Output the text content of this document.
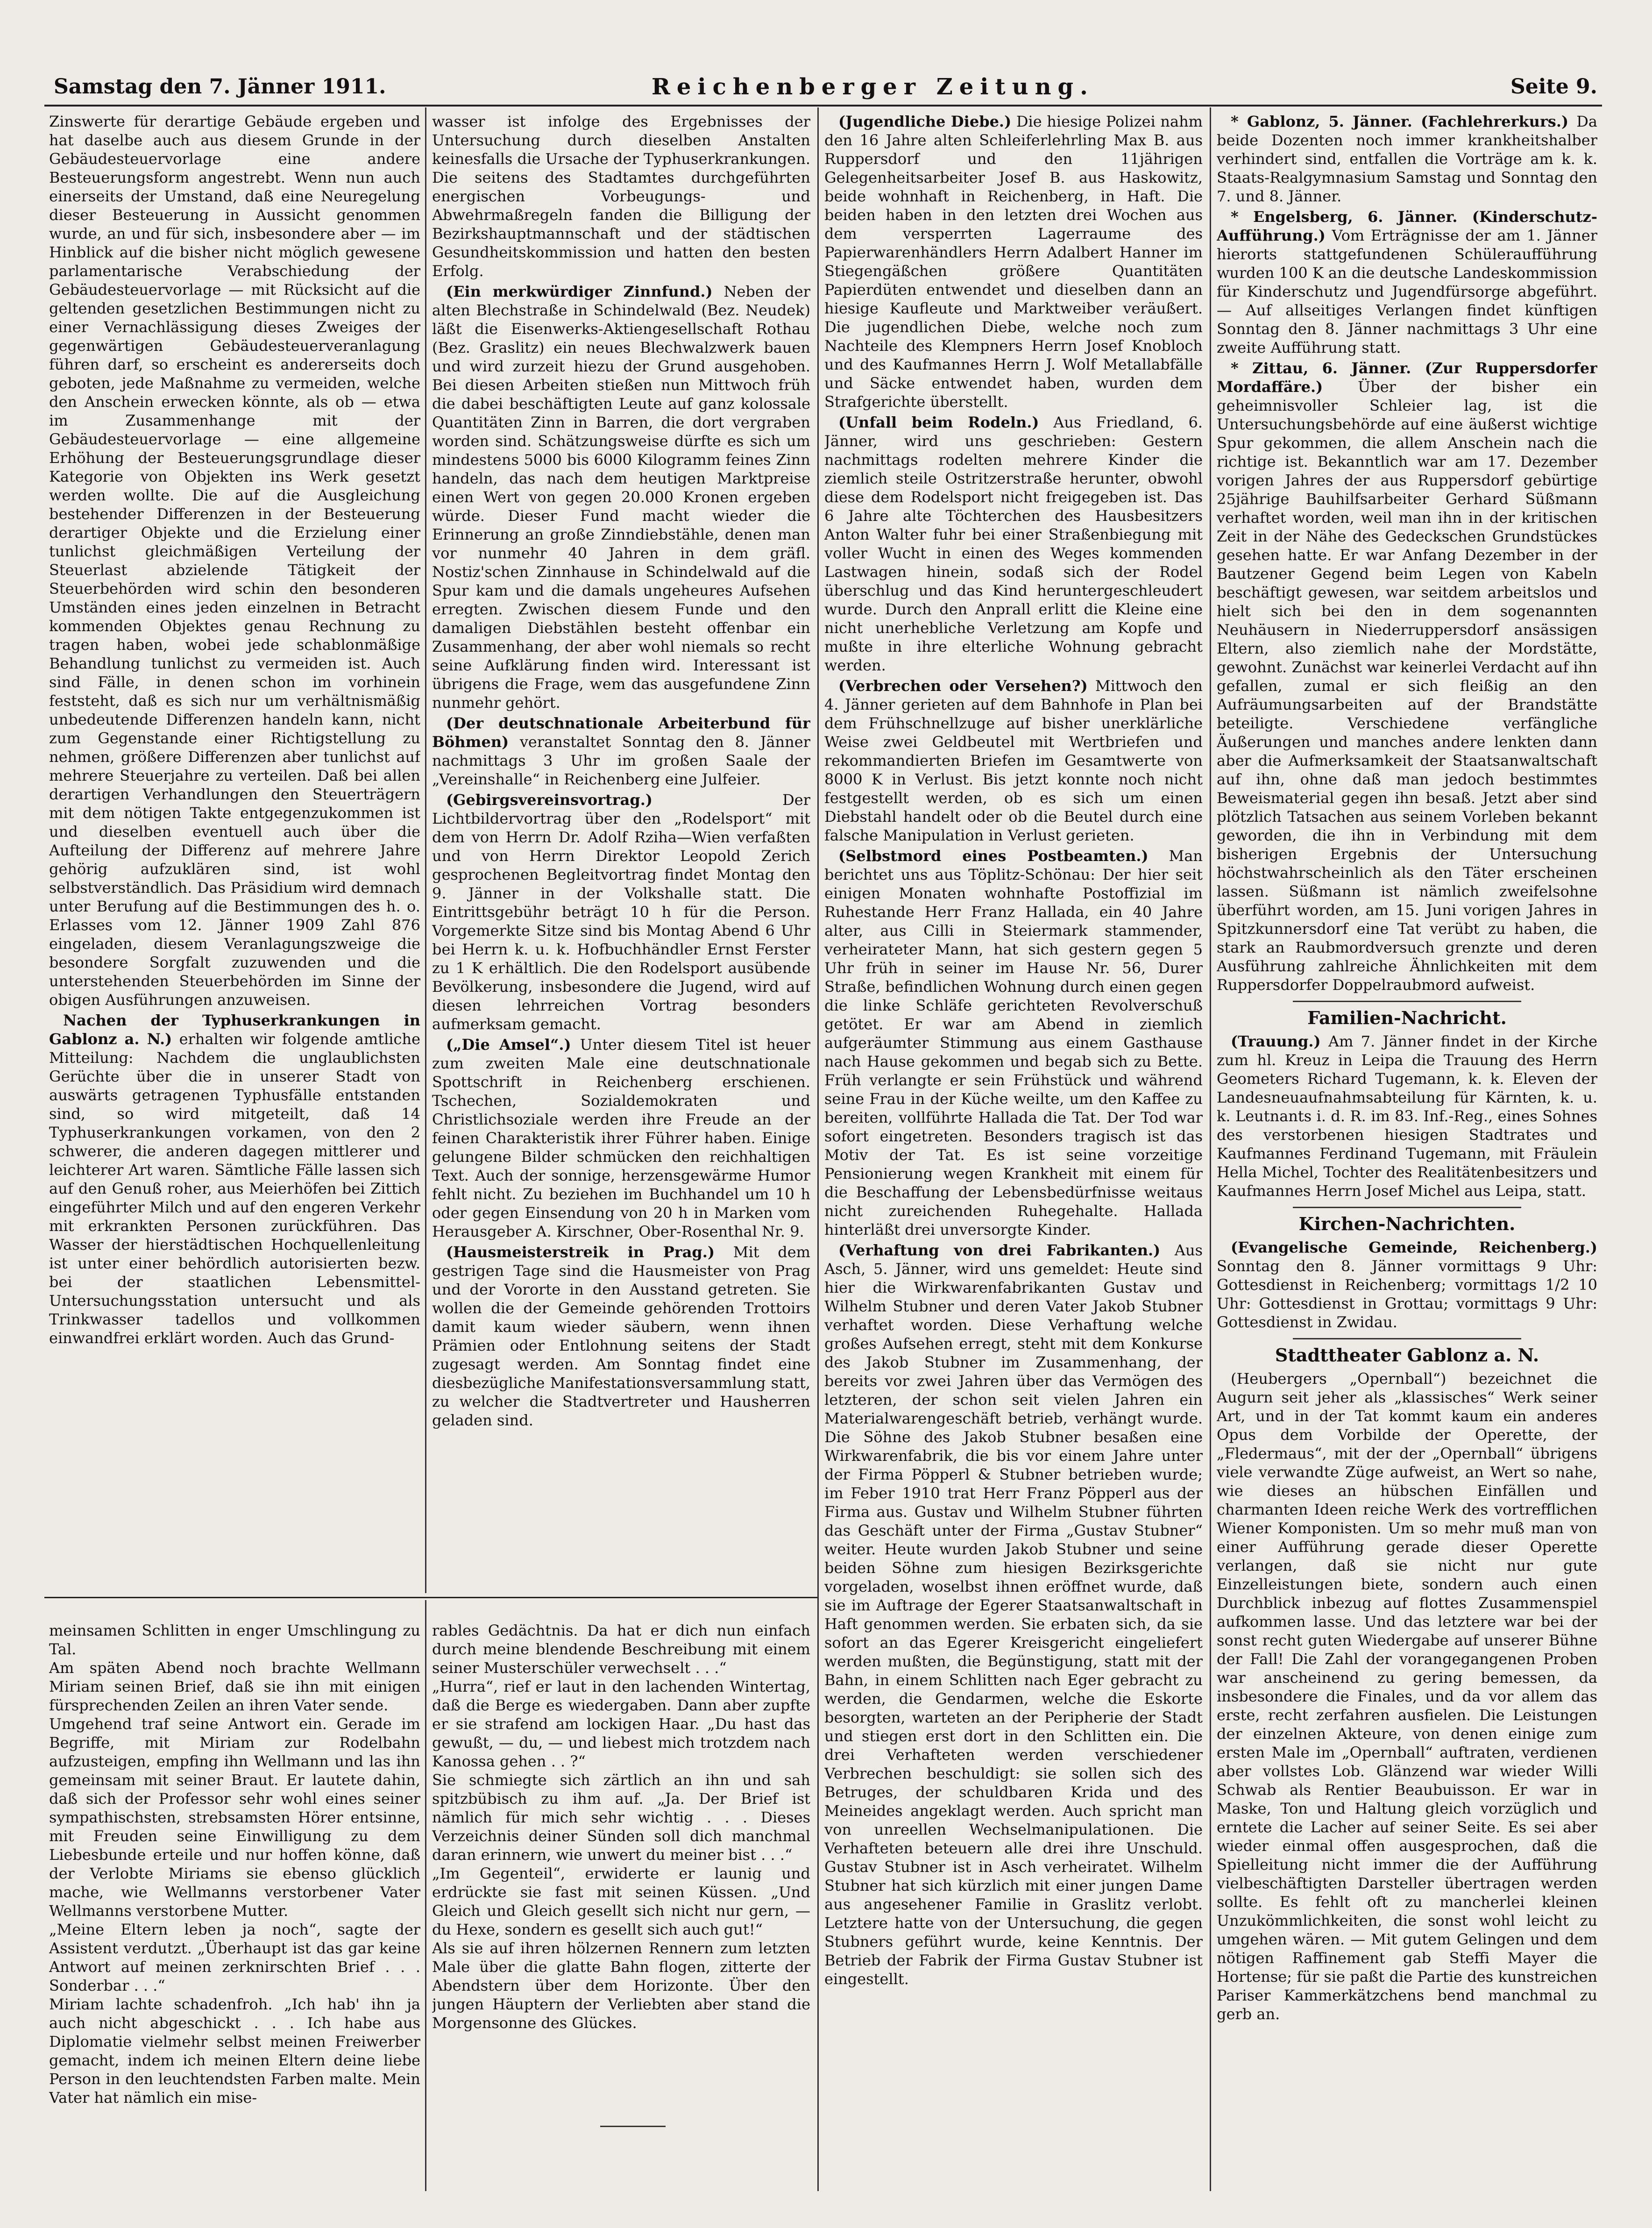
Samstag den 7. Jänner 1911.	Reichenberger Zeitung.	Seite 9.

Zinswerte für derartige Gebäude ergeben und hat daselbe auch aus diesem Grunde in der Gebäudesteuervorlage eine andere Besteuerungsform angestrebt. Wenn nun auch einerseits der Umstand, daß eine Neuregelung dieser Besteuerung in Aussicht genommen wurde, an und für sich, insbesondere aber — im Hinblick auf die bisher nicht möglich gewesene parlamentarische Verabschiedung der Gebäudesteuervorlage — mit Rücksicht auf die geltenden gesetzlichen Bestimmungen nicht zu einer Vernachlässigung dieses Zweiges der gegenwärtigen Gebäudesteuerveranlagung führen darf, so erscheint es andererseits doch geboten, jede Maßnahme zu vermeiden, welche den Anschein erwecken könnte, als ob — etwa im Zusammenhange mit der Gebäudesteuervorlage — eine allgemeine Erhöhung der Besteuerungsgrundlage dieser Kategorie von Objekten ins Werk gesetzt werden wollte. Die auf die Ausgleichung bestehender Differenzen in der Besteuerung derartiger Objekte und die Erzielung einer tunlichst gleichmäßigen Verteilung der Steuerlast abzielende Tätigkeit der Steuerbehörden wird schin den besonderen Umständen eines jeden einzelnen in Betracht kommenden Objektes genau Rechnung zu tragen haben, wobei jede schablonmäßige Behandlung tunlichst zu vermeiden ist. Auch sind Fälle, in denen schon im vorhinein feststeht, daß es sich nur um verhältnismäßig unbedeutende Differenzen handeln kann, nicht zum Gegenstande einer Richtigstellung zu nehmen, größere Differenzen aber tunlichst auf mehrere Steuerjahre zu verteilen. Daß bei allen derartigen Verhandlungen den Steuerträgern mit dem nötigen Takte entgegenzukommen ist und dieselben eventuell auch über die Aufteilung der Differenz auf mehrere Jahre gehörig aufzuklären sind, ist wohl selbstverständlich. Das Präsidium wird demnach unter Berufung auf die Bestimmungen des h. o. Erlasses vom 12. Jänner 1909 Zahl 876 eingeladen, diesem Veranlagungszweige die besondere Sorgfalt zuzuwenden und die unterstehenden Steuerbehörden im Sinne der obigen Ausführungen anzuweisen.

Nachen der Typhuserkrankungen in Gablonz a. N.) erhalten wir folgende amtliche Mitteilung: Nachdem die unglaublichsten Gerüchte über die in unserer Stadt von auswärts getragenen Typhusfälle entstanden sind, so wird mitgeteilt, daß 14 Typhuserkrankungen vorkamen, von den 2 schwerer, die anderen dagegen mittlerer und leichterer Art waren. Sämtliche Fälle lassen sich auf den Genuß roher, aus Meierhöfen bei Zittich eingeführter Milch und auf den engeren Verkehr mit erkrankten Personen zurückführen. Das Wasser der hierstädtischen Hochquellenleitung ist unter einer behördlich autorisierten bezw. bei der staatlichen Lebensmittel-Untersuchungsstation untersucht und als Trinkwasser tadellos und vollkommen einwandfrei erklärt worden. Auch das Grund-

wasser ist infolge des Ergebnisses der Untersuchung durch dieselben Anstalten keinesfalls die Ursache der Typhuserkrankungen. Die seitens des Stadtamtes durchgeführten energischen Vorbeugungs- und Abwehrmaßregeln fanden die Billigung der Bezirkshauptmannschaft und der städtischen Gesundheitskommission und hatten den besten Erfolg.

(Ein merkwürdiger Zinnfund.) Neben der alten Blechstraße in Schindelwald (Bez. Neudek) läßt die Eisenwerks-Aktiengesellschaft Rothau (Bez. Graslitz) ein neues Blechwalzwerk bauen und wird zurzeit hiezu der Grund ausgehoben. Bei diesen Arbeiten stießen nun Mittwoch früh die dabei beschäftigten Leute auf ganz kolossale Quantitäten Zinn in Barren, die dort vergraben worden sind. Schätzungsweise dürfte es sich um mindestens 5000 bis 6000 Kilogramm feines Zinn handeln, das nach dem heutigen Marktpreise einen Wert von gegen 20.000 Kronen ergeben würde. Dieser Fund macht wieder die Erinnerung an große Zinndiebstähle, denen man vor nunmehr 40 Jahren in dem gräfl. Nostiz'schen Zinnhause in Schindelwald auf die Spur kam und die damals ungeheures Aufsehen erregten. Zwischen diesem Funde und den damaligen Diebstählen besteht offenbar ein Zusammenhang, der aber wohl niemals so recht seine Aufklärung finden wird. Interessant ist übrigens die Frage, wem das ausgefundene Zinn nunmehr gehört.

(Der deutschnationale Arbeiterbund für Böhmen) veranstaltet Sonntag den 8. Jänner nachmittags 3 Uhr im großen Saale der „Vereinshalle“ in Reichenberg eine Julfeier.

(Gebirgsvereinsvortrag.)	Der Lichtbildervortrag über den „Rodelsport“ mit dem von Herrn Dr. Adolf Rziha—Wien verfaßten und von Herrn Direktor Leopold Zerich gesprochenen Begleitvortrag findet Montag den 9. Jänner in der Volkshalle statt. Die Eintrittsgebühr beträgt 10 h für die Person. Vorgemerkte Sitze sind bis Montag Abend 6 Uhr bei Herrn k. u. k. Hofbuchhändler Ernst Ferster zu 1 K erhältlich. Die den Rodelsport ausübende Bevölkerung, insbesondere die Jugend, wird auf diesen lehrreichen Vortrag besonders aufmerksam gemacht.

(„Die Amsel“.) Unter diesem Titel ist heuer zum zweiten Male eine deutschnationale Spottschrift in Reichenberg erschienen. Tschechen, Sozialdemokraten und Christlichsoziale werden ihre Freude an der feinen Charakteristik ihrer Führer haben. Einige gelungene Bilder schmücken den reichhaltigen Text. Auch der sonnige, herzensgewärme Humor fehlt nicht. Zu beziehen im Buchhandel um 10 h oder gegen Einsendung von 20 h in Marken vom Herausgeber A. Kirschner, Ober-Rosenthal Nr. 9.

(Hausmeisterstreik in Prag.) Mit dem gestrigen Tage sind die Hausmeister von Prag und der Vororte in den Ausstand getreten. Sie wollen die der Gemeinde gehörenden Trottoirs damit kaum wieder säubern, wenn ihnen Prämien oder Entlohnung seitens der Stadt zugesagt werden. Am Sonntag findet eine diesbezügliche Manifestationsversammlung statt, zu welcher die Stadtvertreter und Hausherren geladen sind.

(Jugendliche Diebe.) Die hiesige Polizei nahm den 16 Jahre alten Schleiferlehrling Max B. aus Ruppersdorf und den 11jährigen Gelegenheitsarbeiter Josef B. aus Haskowitz, beide wohnhaft in Reichenberg, in Haft. Die beiden haben in den letzten drei Wochen aus dem versperrten Lagerraume des Papierwarenhändlers Herrn Adalbert Hanner im Stiegengäßchen größere Quantitäten Papierdüten entwendet und dieselben dann an hiesige Kaufleute und Marktweiber veräußert. Die jugendlichen Diebe, welche noch zum Nachteile des Klempners Herrn Josef Knobloch und des Kaufmannes Herrn J. Wolf Metallabfälle und Säcke entwendet haben, wurden dem Strafgerichte überstellt.

(Unfall beim Rodeln.) Aus Friedland, 6. Jänner, wird uns geschrieben: Gestern nachmittags rodelten mehrere Kinder die ziemlich steile Ostritzerstraße herunter, obwohl diese dem Rodelsport nicht freigegeben ist. Das 6 Jahre alte Töchterchen des Hausbesitzers Anton Walter fuhr bei einer Straßenbiegung mit voller Wucht in einen des Weges kommenden Lastwagen hinein, sodaß sich der Rodel überschlug und das Kind heruntergeschleudert wurde. Durch den Anprall erlitt die Kleine eine nicht unerhebliche Verletzung am Kopfe und mußte in ihre elterliche Wohnung gebracht werden.

(Verbrechen oder Versehen?) Mittwoch den 4. Jänner gerieten auf dem Bahnhofe in Plan bei dem Frühschnellzuge auf bisher unerklärliche Weise zwei Geldbeutel mit Wertbriefen und rekommandierten Briefen im Gesamtwerte von 8000 K in Verlust. Bis jetzt konnte noch nicht festgestellt werden, ob es sich um einen Diebstahl handelt oder ob die Beutel durch eine falsche Manipulation in Verlust gerieten.

(Selbstmord eines Postbeamten.) Man berichtet uns aus Töplitz-Schönau: Der hier seit einigen Monaten wohnhafte Postoffizial im Ruhestande Herr Franz Hallada, ein 40 Jahre alter, aus Cilli in Steiermark stammender, verheirateter Mann, hat sich gestern gegen 5 Uhr früh in seiner im Hause Nr. 56, Durer Straße, befindlichen Wohnung durch einen gegen die linke Schläfe gerichteten Revolverschuß getötet. Er war am Abend in ziemlich aufgeräumter Stimmung aus einem Gasthause nach Hause gekommen und begab sich zu Bette. Früh verlangte er sein Frühstück und während seine Frau in der Küche weilte, um den Kaffee zu bereiten, vollführte Hallada die Tat. Der Tod war sofort eingetreten. Besonders tragisch ist das Motiv der Tat. Es ist seine vorzeitige Pensionierung wegen Krankheit mit einem für die Beschaffung der Lebensbedürfnisse weitaus nicht zureichenden Ruhegehalte. Hallada hinterläßt drei unversorgte Kinder.

(Verhaftung von drei Fabrikanten.) Aus Asch, 5. Jänner, wird uns gemeldet: Heute sind hier die Wirkwarenfabrikanten Gustav und Wilhelm Stubner und deren Vater Jakob Stubner verhaftet worden. Diese Verhaftung welche großes Aufsehen erregt, steht mit dem Konkurse des Jakob Stubner im Zusammenhang, der bereits vor zwei Jahren über das Vermögen des letzteren, der schon seit vielen Jahren ein Materialwarengeschäft betrieb, verhängt wurde. Die Söhne des Jakob Stubner besaßen eine Wirkwarenfabrik, die bis vor einem Jahre unter der Firma Pöpperl & Stubner betrieben wurde; im Feber 1910 trat Herr Franz Pöpperl aus der Firma aus. Gustav und Wilhelm Stubner führten das Geschäft unter der Firma „Gustav Stubner“ weiter. Heute wurden Jakob Stubner und seine beiden Söhne zum hiesigen Bezirksgerichte vorgeladen, woselbst ihnen eröffnet wurde, daß sie im Auftrage der Egerer Staatsanwaltschaft in Haft genommen werden. Sie erbaten sich, da sie sofort an das Egerer Kreisgericht eingeliefert werden mußten, die Begünstigung, statt mit der Bahn, in einem Schlitten nach Eger gebracht zu werden, die Gendarmen, welche die Eskorte besorgten, warteten an der Peripherie der Stadt und stiegen erst dort in den Schlitten ein. Die drei Verhafteten werden verschiedener Verbrechen beschuldigt: sie sollen sich des Betruges, der schuldbaren Krida und des Meineides angeklagt werden. Auch spricht man von unreellen Wechselmanipulationen. Die Verhafteten beteuern alle drei ihre Unschuld. Gustav Stubner ist in Asch verheiratet. Wilhelm Stubner hat sich kürzlich mit einer jungen Dame aus angesehener Familie in Graslitz verlobt. Letztere hatte von der Untersuchung, die gegen Stubners geführt wurde, keine Kenntnis. Der Betrieb der Fabrik der Firma Gustav Stubner ist eingestellt.

* Gablonz, 5. Jänner. (Fachlehrerkurs.) Da beide Dozenten noch immer krankheitshalber verhindert sind, entfallen die Vorträge am k. k. Staats-Realgymnasium Samstag und Sonntag den 7. und 8. Jänner.

* Engelsberg, 6. Jänner. (Kinderschutz-Aufführung.) Vom Erträgnisse der am 1. Jänner hierorts stattgefundenen Schüleraufführung wurden 100 K an die deutsche Landeskommission für Kinderschutz und Jugendfürsorge abgeführt. — Auf allseitiges Verlangen findet künftigen Sonntag den 8. Jänner nachmittags 3 Uhr eine zweite Aufführung statt.

* Zittau, 6. Jänner. (Zur Ruppersdorfer Mordaffäre.) Über der bisher ein geheimnisvoller Schleier lag, ist die Untersuchungsbehörde auf eine äußerst wichtige Spur gekommen, die allem Anschein nach die richtige ist. Bekanntlich war am 17. Dezember vorigen Jahres der aus Ruppersdorf gebürtige 25jährige Bauhilfsarbeiter Gerhard Süßmann verhaftet worden, weil man ihn in der kritischen Zeit in der Nähe des Gedeckschen Grundstückes gesehen hatte. Er war Anfang Dezember in der Bautzener Gegend beim Legen von Kabeln beschäftigt gewesen, war seitdem arbeitslos und hielt sich bei den in dem sogenannten Neuhäusern in Niederruppersdorf ansässigen Eltern, also ziemlich nahe der Mordstätte, gewohnt. Zunächst war keinerlei Verdacht auf ihn gefallen, zumal er sich fleißig an den Aufräumungsarbeiten auf der Brandstätte beteiligte. Verschiedene verfängliche Äußerungen und manches andere lenkten dann aber die Aufmerksamkeit der Staatsanwaltschaft auf ihn, ohne daß man jedoch bestimmtes Beweismaterial gegen ihn besaß. Jetzt aber sind plötzlich Tatsachen aus seinem Vorleben bekannt geworden, die ihn in Verbindung mit dem bisherigen Ergebnis der Untersuchung höchstwahrscheinlich als den Täter erscheinen lassen. Süßmann ist nämlich zweifelsohne überführt worden, am 15. Juni vorigen Jahres in Spitzkunnersdorf eine Tat verübt zu haben, die stark an Raubmordversuch grenzte und deren Ausführung zahlreiche Ähnlichkeiten mit dem Ruppersdorfer Doppelraubmord aufweist.

Familien-Nachricht.

(Trauung.) Am 7. Jänner findet in der Kirche zum hl. Kreuz in Leipa die Trauung des Herrn Geometers Richard Tugemann, k. k. Eleven der Landesneuaufnahmsabteilung für Kärnten, k. u. k. Leutnants i. d. R. im 83. Inf.-Reg., eines Sohnes des verstorbenen hiesigen Stadtrates und Kaufmannes Ferdinand Tugemann, mit Fräulein Hella Michel, Tochter des Realitätenbesitzers und Kaufmannes Herrn Josef Michel aus Leipa, statt.

Kirchen-Nachrichten.

(Evangelische Gemeinde, Reichenberg.) Sonntag den 8. Jänner vormittags 9 Uhr: Gottesdienst in Reichenberg; vormittags 1/2 10 Uhr: Gottesdienst in Grottau; vormittags 9 Uhr: Gottesdienst in Zwidau.

Stadttheater Gablonz a. N.

(Heubergers „Opernball“) bezeichnet die Augurn seit jeher als „klassisches“ Werk seiner Art, und in der Tat kommt kaum ein anderes Opus dem Vorbilde der Operette, der „Fledermaus“, mit der der „Opernball“ übrigens viele verwandte Züge aufweist, an Wert so nahe, wie dieses an hübschen Einfällen und charmanten Ideen reiche Werk des vortrefflichen Wiener Komponisten. Um so mehr muß man von einer Aufführung gerade dieser Operette verlangen, daß sie nicht nur gute Einzelleistungen biete, sondern auch einen Durchblick inbezug auf flottes Zusammenspiel aufkommen lasse. Und das letztere war bei der sonst recht guten Wiedergabe auf unserer Bühne der Fall! Die Zahl der vorangegangenen Proben war anscheinend zu gering bemessen, da insbesondere die Finales, und da vor allem das erste, recht zerfahren ausfielen. Die Leistungen der einzelnen Akteure, von denen einige zum ersten Male im „Opernball“ auftraten, verdienen aber vollstes Lob. Glänzend war wieder Willi Schwab als Rentier Beaubuisson. Er war in Maske, Ton und Haltung gleich vorzüglich und erntete die Lacher auf seiner Seite. Es sei aber wieder einmal offen ausgesprochen, daß die Spielleitung nicht immer die der Aufführung vielbeschäftigten Darsteller übertragen werden sollte. Es fehlt oft zu mancherlei kleinen Unzukömmlichkeiten, die sonst wohl leicht zu umgehen wären. — Mit gutem Gelingen und dem nötigen Raffinement gab Steffi Mayer die Hortense; für sie paßt die Partie des kunstreichen Pariser Kammerkätzchens bend manchmal zu gerb an.

meinsamen Schlitten in enger Umschlingung zu Tal.
Am späten Abend noch brachte Wellmann Miriam seinen Brief, daß sie ihn mit einigen fürsprechenden Zeilen an ihren Vater sende.
Umgehend traf seine Antwort ein. Gerade im Begriffe, mit Miriam zur Rodelbahn aufzusteigen, empfing ihn Wellmann und las ihn gemeinsam mit seiner Braut. Er lautete dahin, daß sich der Professor sehr wohl eines seiner sympathischsten, strebsamsten Hörer entsinne, mit Freuden seine Einwilligung zu dem Liebesbunde erteile und nur hoffen könne, daß der Verlobte Miriams sie ebenso glücklich mache, wie Wellmanns verstorbener Vater Wellmanns verstorbene Mutter.
„Meine Eltern leben ja noch“, sagte der Assistent verdutzt. „Überhaupt ist das gar keine Antwort auf meinen zerknirschten Brief . . . Sonderbar . . .“
Miriam lachte schadenfroh. „Ich hab' ihn ja auch nicht abgeschickt . . . Ich habe aus Diplomatie vielmehr selbst meinen Freiwerber gemacht, indem ich meinen Eltern deine liebe Person in den leuchtendsten Farben malte. Mein Vater hat nämlich ein mise-

rables Gedächtnis. Da hat er dich nun einfach durch meine blendende Beschreibung mit einem seiner Musterschüler verwechselt . . .“
„Hurra“, rief er laut in den lachenden Wintertag, daß die Berge es wiedergaben. Dann aber zupfte er sie strafend am lockigen Haar. „Du hast das gewußt, — du, — und liebest mich trotzdem nach Kanossa gehen . . ?“
Sie schmiegte sich zärtlich an ihn und sah spitzbübisch zu ihm auf. „Ja. Der Brief ist nämlich für mich sehr wichtig . . . Dieses Verzeichnis deiner Sünden soll dich manchmal daran erinnern, wie unwert du meiner bist . . .“
„Im Gegenteil“, erwiderte er launig und erdrückte sie fast mit seinen Küssen. „Und Gleich und Gleich gesellt sich nicht nur gern, — du Hexe, sondern es gesellt sich auch gut!“
Als sie auf ihren hölzernen Rennern zum letzten Male über die glatte Bahn flogen, zitterte der Abendstern über dem Horizonte. Über den jungen Häuptern der Verliebten aber stand die Morgensonne des Glückes.
